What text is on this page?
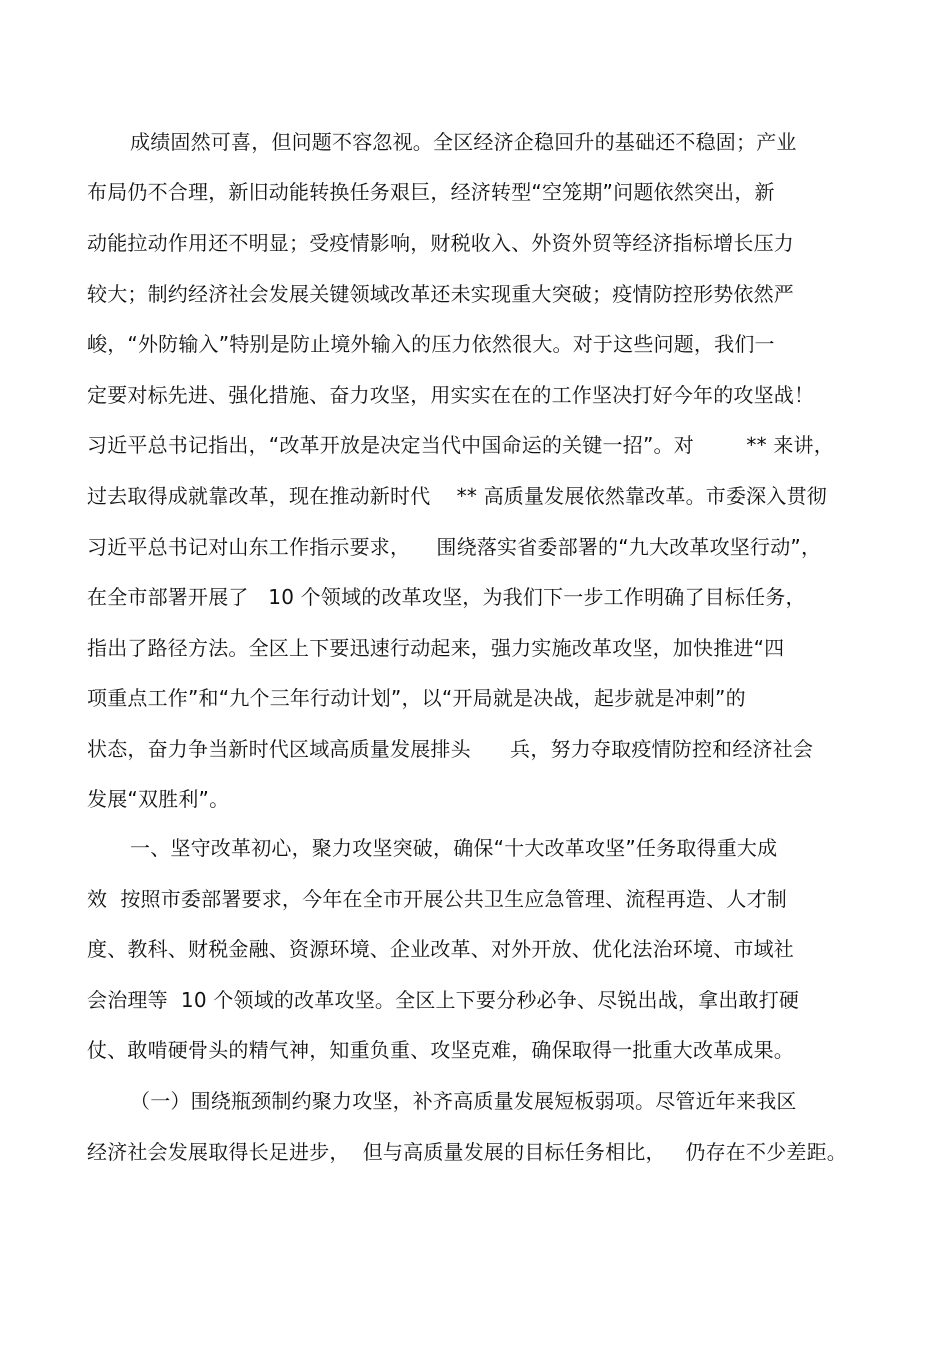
成绩固然可喜，但问题不容忽视。全区经济企稳回升的基础还不稳固；产业
布局仍不合理，新旧动能转换任务艰巨，经济转型“空笼期”问题依然突出，新
动能拉动作用还不明显；受疫情影响，财税收入、外资外贸等经济指标增长压力
较大；制约经济社会发展关键领域改革还未实现重大突破；疫情防控形势依然严
峻，“外防输入”特别是防止境外输入的压力依然很大。对于这些问题，我们一
定要对标先进、强化措施、奋力攻坚，用实实在在的工作坚决打好今年的攻坚战！
习近平总书记指出，“改革开放是决定当代中国命运的关键一招”。对        ** 来讲，
过去取得成就靠改革，现在推动新时代    ** 高质量发展依然靠改革。市委深入贯彻
习近平总书记对山东工作指示要求，    围绕落实省委部署的“九大改革攻坚行动”，
在全市部署开展了   10 个领域的改革攻坚，为我们下一步工作明确了目标任务，
指出了路径方法。全区上下要迅速行动起来，强力实施改革攻坚，加快推进“四
项重点工作”和“九个三年行动计划”，以“开局就是决战，起步就是冲刺”的
状态，奋力争当新时代区域高质量发展排头      兵，努力夺取疫情防控和经济社会
发展“双胜利”。
一、坚守改革初心，聚力攻坚突破，确保“十大改革攻坚”任务取得重大成
效  按照市委部署要求，今年在全市开展公共卫生应急管理、流程再造、人才制
度、教科、财税金融、资源环境、企业改革、对外开放、优化法治环境、市域社
会治理等  10 个领域的改革攻坚。全区上下要分秒必争、尽锐出战，拿出敢打硬
仗、敢啃硬骨头的精气神，知重负重、攻坚克难，确保取得一批重大改革成果。
（一）围绕瓶颈制约聚力攻坚，补齐高质量发展短板弱项。尽管近年来我区
经济社会发展取得长足进步，  但与高质量发展的目标任务相比，   仍存在不少差距。
